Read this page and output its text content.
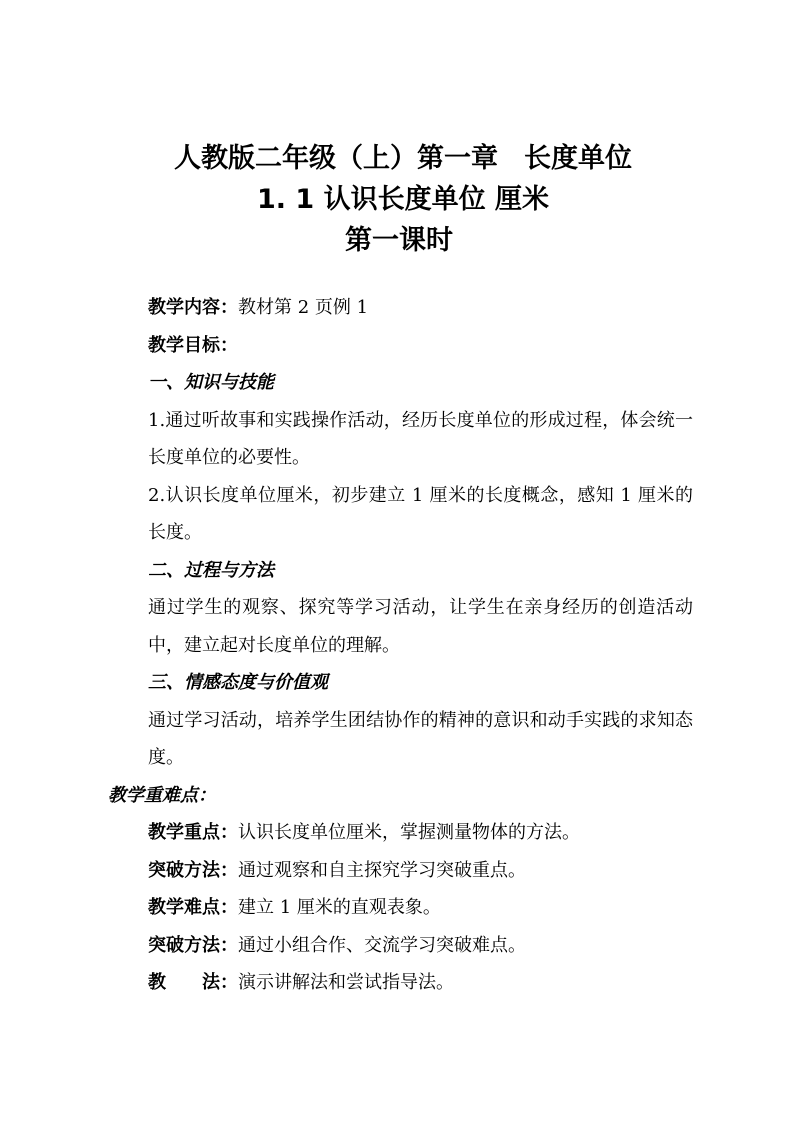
人教版二年级（上）第一章 长度单位
1. 1 认识长度单位 厘米
第一课时
教学内容：教材第 2 页例 1
教学目标：
一、知识与技能
1.通过听故事和实践操作活动，经历长度单位的形成过程，体会统一长度单位的必要性。
2.认识长度单位厘米，初步建立 1 厘米的长度概念，感知 1 厘米的长度。
二、过程与方法
通过学生的观察、探究等学习活动，让学生在亲身经历的创造活动中，建立起对长度单位的理解。
三、情感态度与价值观
通过学习活动，培养学生团结协作的精神的意识和动手实践的求知态度。
教学重难点：
教学重点：认识长度单位厘米，掌握测量物体的方法。
突破方法：通过观察和自主探究学习突破重点。
教学难点：建立 1 厘米的直观表象。
突破方法：通过小组合作、交流学习突破难点。
教　　法：演示讲解法和尝试指导法。
